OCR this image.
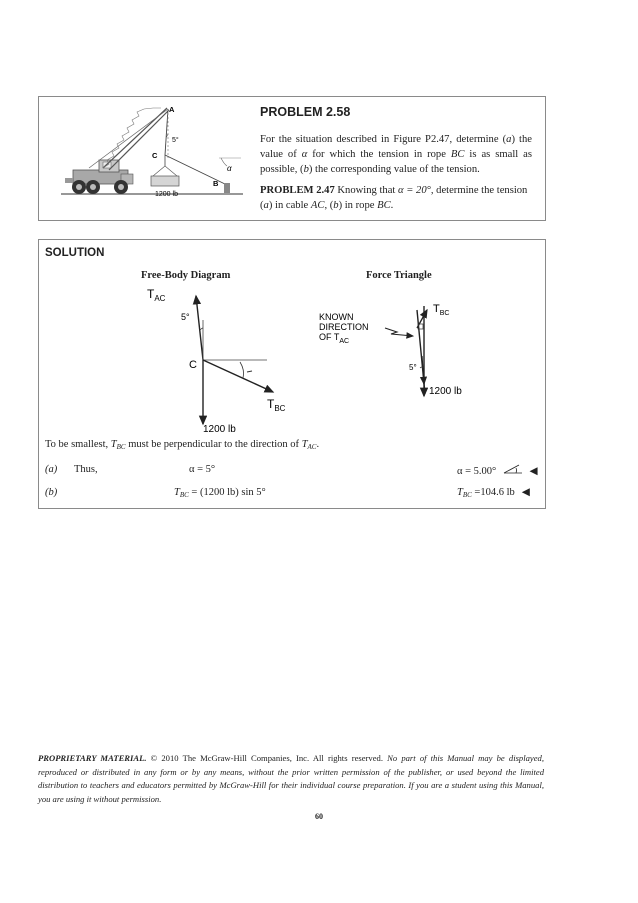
A
C
B
5°
α
1200 lb
PROBLEM 2.58
For the situation described in Figure P2.47, determine (a) the value of α for which the tension in rope BC is as small as possible, (b) the corresponding value of the tension.
PROBLEM 2.47 Knowing that α = 20°, determine the tension (a) in cable AC, (b) in rope BC.
SOLUTION
Free-Body Diagram	Force Triangle
$T_{AC}$
5°
C
$T_{BC}$
1200 lb
KNOWN DIRECTION OF $T_{AC}$
$T_{BC}$
5°
1200 lb
To be smallest, $T_{BC}$ must be perpendicular to the direction of $T_{AC}$.
(a) Thus,	α = 5°	α = 5.00°	◀
(b)	$T_{BC} = (1200$ lb) sin 5°	$T_{BC} =104.6$ lb ◀
PROPRIETARY MATERIAL. © 2010 The McGraw-Hill Companies, Inc. All rights reserved. No part of this Manual may be displayed, reproduced or distributed in any form or by any means, without the prior written permission of the publisher, or used beyond the limited distribution to teachers and educators permitted by McGraw-Hill for their individual course preparation. If you are a student using this Manual, you are using it without permission.
60
